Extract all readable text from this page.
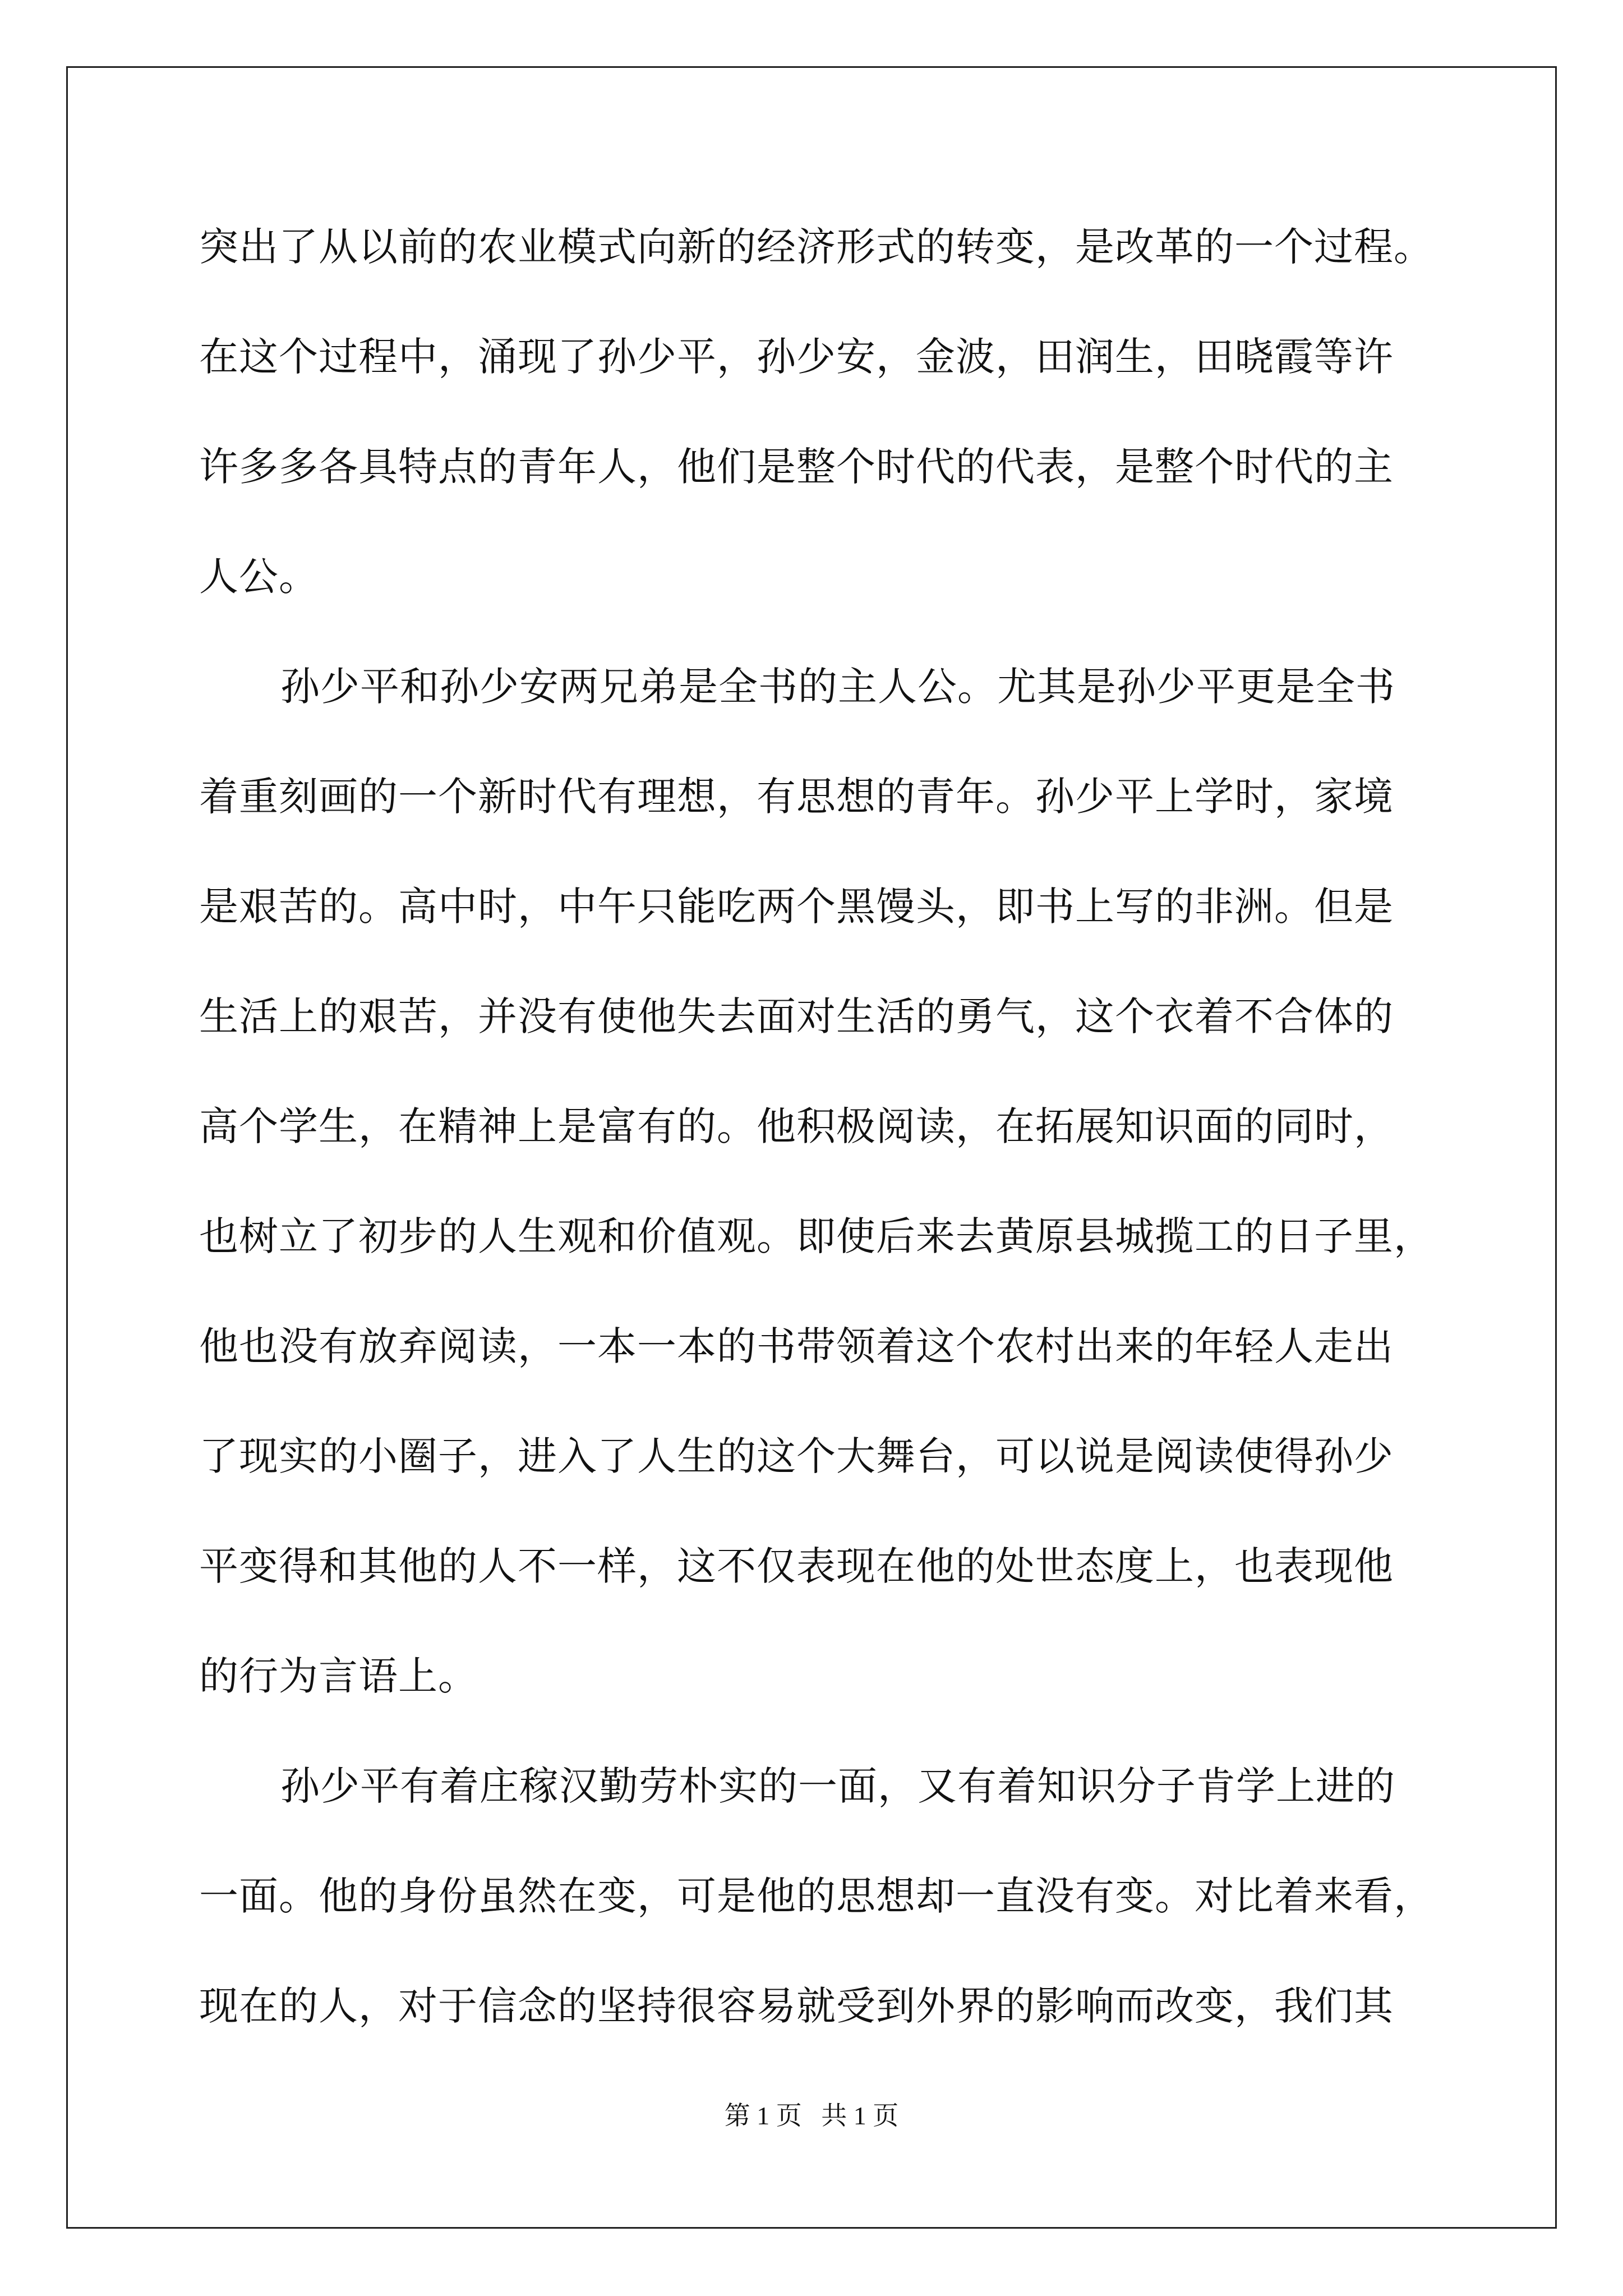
突出了从以前的农业模式向新的经济形式的转变，是改革的一个过程。
在这个过程中，涌现了孙少平，孙少安，金波，田润生，田晓霞等许
许多多各具特点的青年人，他们是整个时代的代表，是整个时代的主
人公。
孙少平和孙少安两兄弟是全书的主人公。尤其是孙少平更是全书
着重刻画的一个新时代有理想，有思想的青年。孙少平上学时，家境
是艰苦的。高中时，中午只能吃两个黑馒头，即书上写的非洲。但是
生活上的艰苦，并没有使他失去面对生活的勇气，这个衣着不合体的
高个学生，在精神上是富有的。他积极阅读，在拓展知识面的同时，
也树立了初步的人生观和价值观。即使后来去黄原县城揽工的日子里，
他也没有放弃阅读，一本一本的书带领着这个农村出来的年轻人走出
了现实的小圈子，进入了人生的这个大舞台，可以说是阅读使得孙少
平变得和其他的人不一样，这不仅表现在他的处世态度上，也表现他
的行为言语上。
孙少平有着庄稼汉勤劳朴实的一面，又有着知识分子肯学上进的
一面。他的身份虽然在变，可是他的思想却一直没有变。对比着来看，
现在的人，对于信念的坚持很容易就受到外界的影响而改变，我们其
第 1 页 共 1 页
